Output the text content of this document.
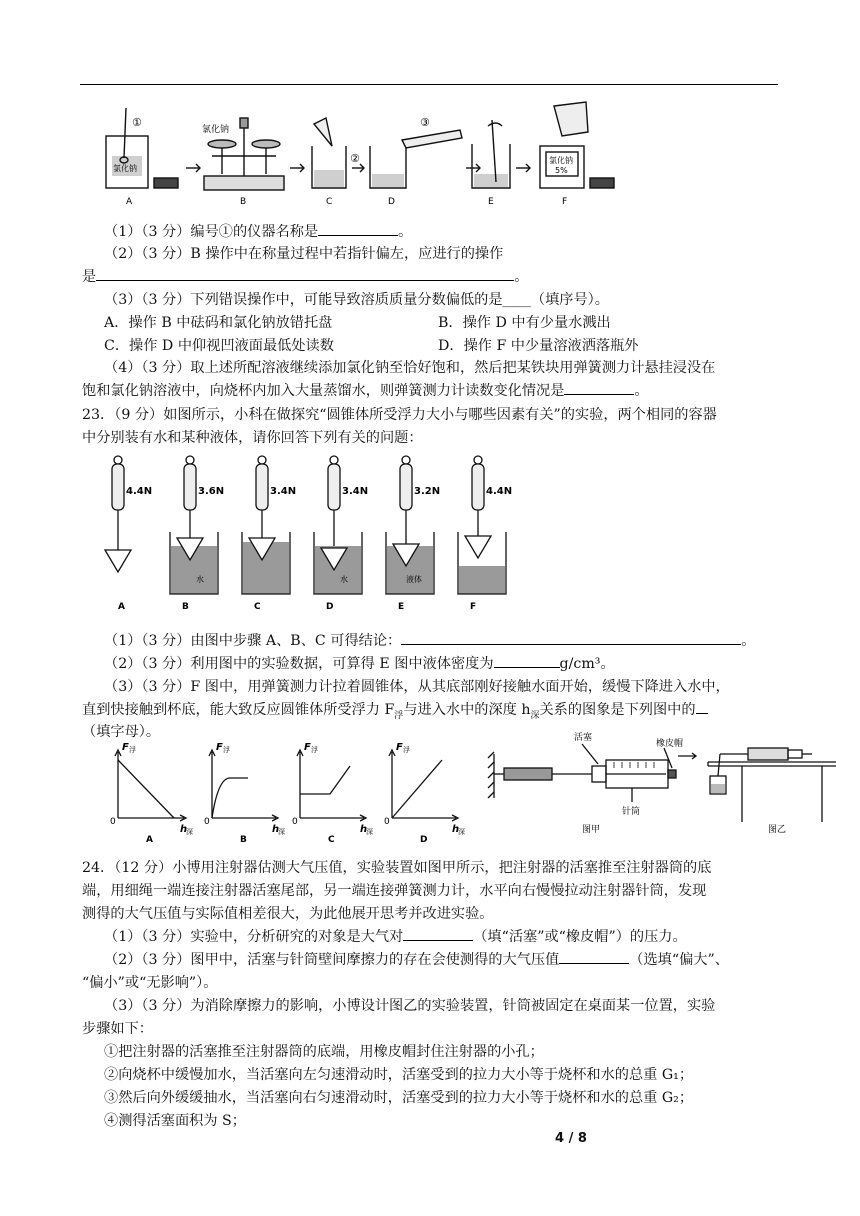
①
氯化钠
②
③
氯化钠
氯化钠
5%
A	B	C	D	E	F
（1）（3 分）编号①的仪器名称是	。
（2）（3 分）B 操作中在称量过程中若指针偏左，应进行的操作
是	。
（3）（3 分）下列错误操作中，可能导致溶质质量分数偏低的是____（填序号）。
A．操作 B 中砝码和氯化钠放错托盘	B．操作 D 中有少量水溅出
C．操作 D 中仰视凹液面最低处读数	D．操作 F 中少量溶液洒落瓶外
（4）（3 分）取上述所配溶液继续添加氯化钠至恰好饱和，然后把某铁块用弹簧测力计悬挂浸没在
饱和氯化钠溶液中，向烧杯内加入大量蒸馏水，则弹簧测力计读数变化情况是	。
23．（9 分）如图所示，小科在做探究“圆锥体所受浮力大小与哪些因素有关”的实验，两个相同的容器
中分别装有水和某种液体，请你回答下列有关的问题：
4.4N	3.6N	3.4N	3.4N	3.2N	4.4N
A	B	C	D	E	F
水	水	液体
（1）（3 分）由图中步骤 A、B、C 可得结论：	。
（2）（3 分）利用图中的实验数据，可算得 E 图中液体密度为	g/cm³。
（3）（3 分）F 图中，用弹簧测力计拉着圆锥体，从其底部刚好接触水面开始，缓慢下降进入水中，
直到快接触到杯底，能大致反应圆锥体所受浮力 $F_浮$与进入水中的深度 $h_深$关系的图象是下列图中的
（填字母）。
F	F	F	F
h	h	h	h
浮	浮	浮	浮
深	深	深	深
0	0	0	0
A	B	C	D
活塞
橡皮帽
针筒
图甲	图乙
24．（12 分）小博用注射器估测大气压值，实验装置如图甲所示，把注射器的活塞推至注射器筒的底
端，用细绳一端连接注射器活塞尾部，另一端连接弹簧测力计，水平向右慢慢拉动注射器针筒，发现
测得的大气压值与实际值相差很大，为此他展开思考并改进实验。
（1）（3 分）实验中，分析研究的对象是大气对	（填“活塞”或“橡皮帽”）的压力。
（2）（3 分）图甲中，活塞与针筒壁间摩擦力的存在会使测得的大气压值	（选填“偏大”、
“偏小”或“无影响”）。
（3）（3 分）为消除摩擦力的影响，小博设计图乙的实验装置，针筒被固定在桌面某一位置，实验
步骤如下：
①把注射器的活塞推至注射器筒的底端，用橡皮帽封住注射器的小孔；
②向烧杯中缓慢加水，当活塞向左匀速滑动时，活塞受到的拉力大小等于烧杯和水的总重 G₁；
③然后向外缓缓抽水，当活塞向右匀速滑动时，活塞受到的拉力大小等于烧杯和水的总重 G₂；
④测得活塞面积为 S；
4 / 8
